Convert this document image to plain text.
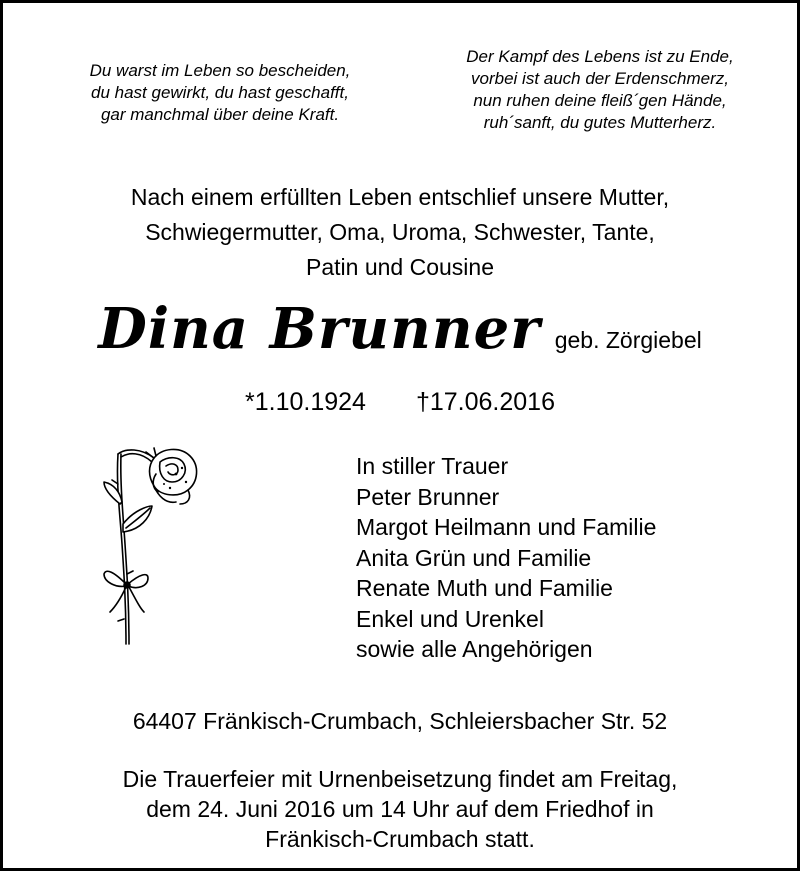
Du warst im Leben so bescheiden,
du hast gewirkt, du hast geschafft,
gar manchmal über deine Kraft.
Der Kampf des Lebens ist zu Ende,
vorbei ist auch der Erdenschmerz,
nun ruhen deine fleiß´gen Hände,
ruh´sanft, du gutes Mutterherz.
Nach einem erfüllten Leben entschlief unsere Mutter,
Schwiegermutter, Oma, Uroma, Schwester, Tante,
Patin und Cousine
Dina Brunner geb. Zörgiebel
*1.10.1924 †17.06.2016
In stiller Trauer
Peter Brunner
Margot Heilmann und Familie
Anita Grün und Familie
Renate Muth und Familie
Enkel und Urenkel
sowie alle Angehörigen
64407 Fränkisch-Crumbach, Schleiersbacher Str. 52
Die Trauerfeier mit Urnenbeisetzung findet am Freitag,
dem 24. Juni 2016 um 14 Uhr auf dem Friedhof in
Fränkisch-Crumbach statt.
